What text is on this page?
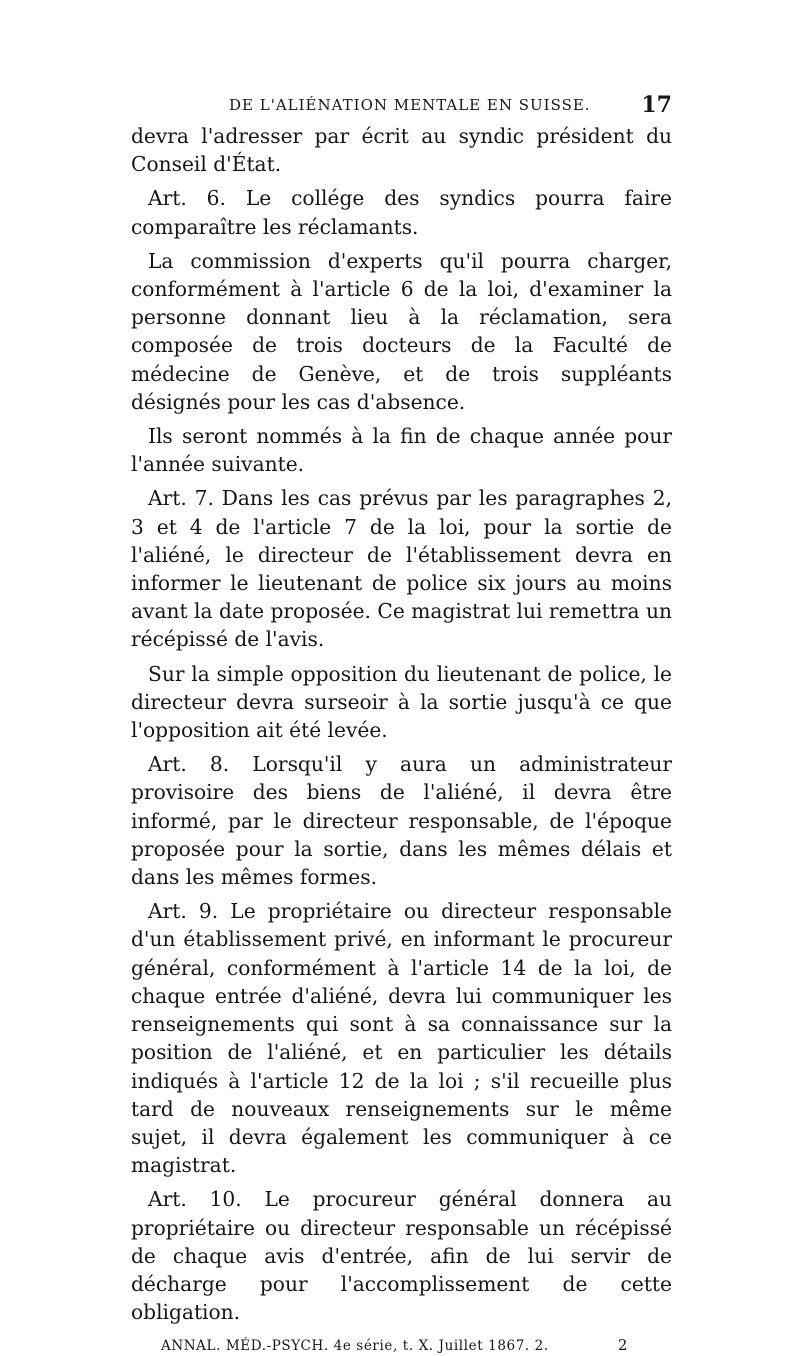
DE L'ALIÉNATION MENTALE EN SUISSE. 17

devra l'adresser par écrit au syndic président du Conseil d'État.

Art. 6. Le collége des syndics pourra faire comparaître les réclamants.

La commission d'experts qu'il pourra charger, conformément à l'article 6 de la loi, d'examiner la personne donnant lieu à la réclamation, sera composée de trois docteurs de la Faculté de médecine de Genève, et de trois suppléants désignés pour les cas d'absence.

Ils seront nommés à la fin de chaque année pour l'année suivante.

Art. 7. Dans les cas prévus par les paragraphes 2, 3 et 4 de l'article 7 de la loi, pour la sortie de l'aliéné, le directeur de l'établissement devra en informer le lieutenant de police six jours au moins avant la date proposée. Ce magistrat lui remettra un récépissé de l'avis.

Sur la simple opposition du lieutenant de police, le directeur devra surseoir à la sortie jusqu'à ce que l'opposition ait été levée.

Art. 8. Lorsqu'il y aura un administrateur provisoire des biens de l'aliéné, il devra être informé, par le directeur responsable, de l'époque proposée pour la sortie, dans les mêmes délais et dans les mêmes formes.

Art. 9. Le propriétaire ou directeur responsable d'un établissement privé, en informant le procureur général, conformément à l'article 14 de la loi, de chaque entrée d'aliéné, devra lui communiquer les renseignements qui sont à sa connaissance sur la position de l'aliéné, et en particulier les détails indiqués à l'article 12 de la loi ; s'il recueille plus tard de nouveaux renseignements sur le même sujet, il devra également les communiquer à ce magistrat.

Art. 10. Le procureur général donnera au propriétaire ou directeur responsable un récépissé de chaque avis d'entrée, afin de lui servir de décharge pour l'accomplissement de cette obligation.

ANNAL. MÉD.-PSYCH. 4e série, t. X. Juillet 1867. 2.	2
